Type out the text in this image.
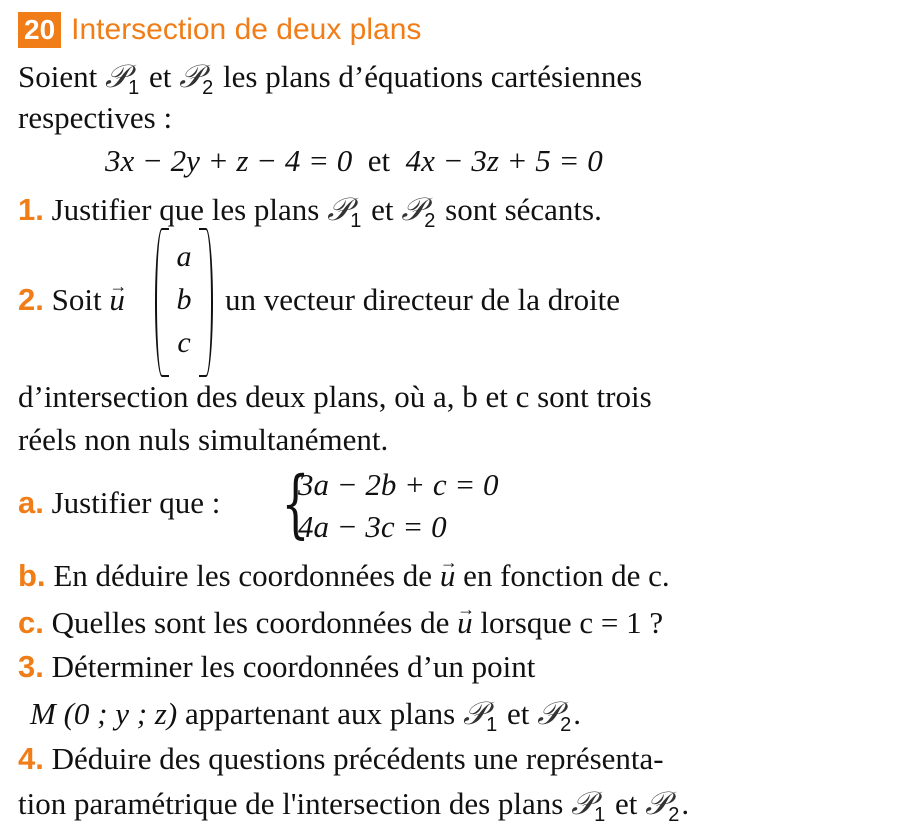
20 Intersection de deux plans
Soient 𝒫$_1$ et 𝒫$_2$ les plans d’équations cartésiennes
respectives :
3x − 2y + z − 4 = 0 et 4x − 3z + 5 = 0
1. Justifier que les plans 𝒫$_1$ et 𝒫$_2$ sont sécants.
2. Soit → u
a
b
c
un vecteur directeur de la droite
d’intersection des deux plans, où a, b et c sont trois
réels non nuls simultanément.
a. Justifier que : {
3a − 2b + c = 0
4a − 3c = 0
b. En déduire les coordonnées de → u en fonction de c.
c. Quelles sont les coordonnées de → u lorsque c = 1 ?
3. Déterminer les coordonnées d’un point
M (0 ; y ; z) appartenant aux plans 𝒫$_1$ et 𝒫$_2$.
4. Déduire des questions précédents une représenta-
tion paramétrique de l'intersection des plans 𝒫$_1$ et 𝒫$_2$.
